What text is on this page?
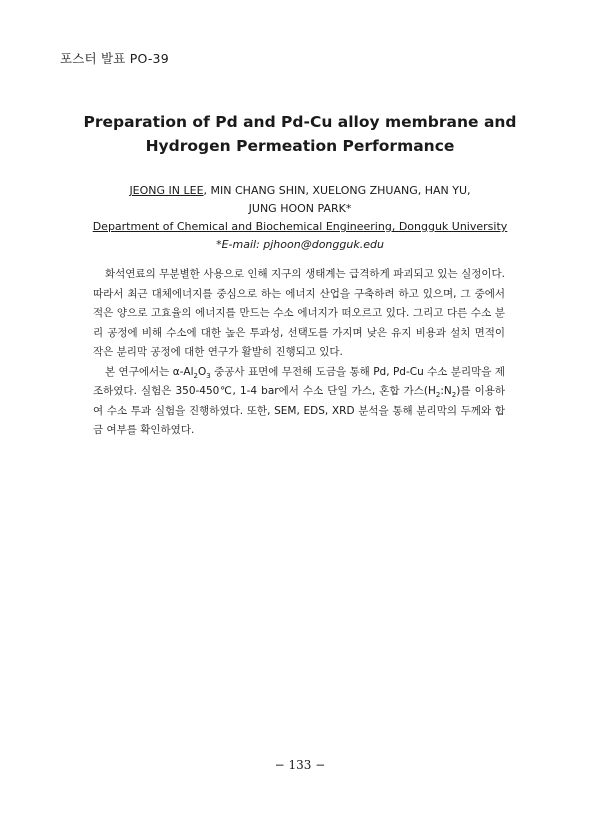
포스터 발표 PO-39
Preparation of Pd and Pd-Cu alloy membrane and
Hydrogen Permeation Performance
JEONG IN LEE, MIN CHANG SHIN, XUELONG ZHUANG, HAN YU,
JUNG HOON PARK*
Department of Chemical and Biochemical Engineering, Dongguk University
*E-mail: pjhoon@dongguk.edu

화석연료의 무분별한 사용으로 인해 지구의 생태계는 급격하게 파괴되고 있는 실정이다. 따라서 최근 대체에너지를 중심으로 하는 에너지 산업을 구축하려 하고 있으며, 그 중에서 적은 양으로 고효율의 에너지를 만드는 수소 에너지가 떠오르고 있다. 그리고 다른 수소 분리 공정에 비해 수소에 대한 높은 투과성, 선택도를 가지며 낮은 유지 비용과 설치 면적이 작은 분리막 공정에 대한 연구가 활발히 진행되고 있다.

본 연구에서는 $\alpha-Al_2O_3$ 중공사 표면에 무전해 도금을 통해 Pd, Pd-Cu 수소 분리막을 제조하였다. 실험은 350-450℃, 1-4 bar에서 수소 단일 가스, 혼합 가스$(H_2:N_2)$를 이용하여 수소 투과 실험을 진행하였다. 또한, SEM, EDS, XRD 분석을 통해 분리막의 두께와 합금 여부를 확인하였다.

− 133 −
